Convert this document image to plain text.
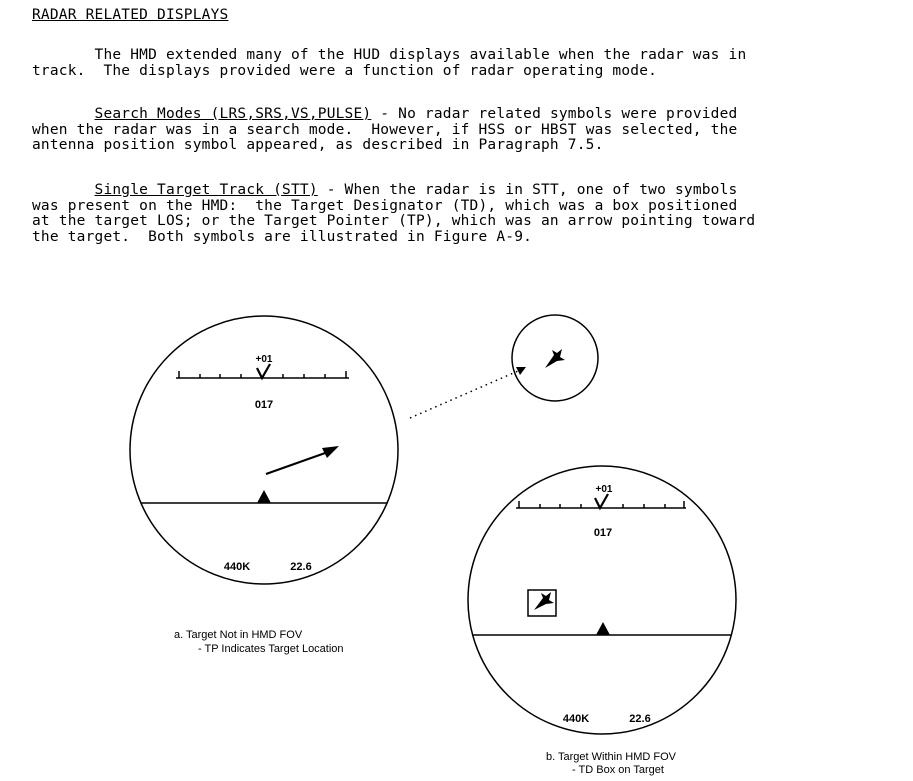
RADAR RELATED DISPLAYS
The HMD extended many of the HUD displays available when the radar was in
track.  The displays provided were a function of radar operating mode.
Search Modes (LRS,SRS,VS,PULSE) - No radar related symbols were provided
when the radar was in a search mode.  However, if HSS or HBST was selected, the
antenna position symbol appeared, as described in Paragraph 7.5.
Single Target Track (STT) - When the radar is in STT, one of two symbols
was present on the HMD:  the Target Designator (TD), which was a box positioned
at the target LOS; or the Target Pointer (TP), which was an arrow pointing toward
the target.  Both symbols are illustrated in Figure A-9.
+01
017
440K	22.6
a. Target Not in HMD FOV
- TP Indicates Target Location
+01
017
440K	22.6
b. Target Within HMD FOV
- TD Box on Target
